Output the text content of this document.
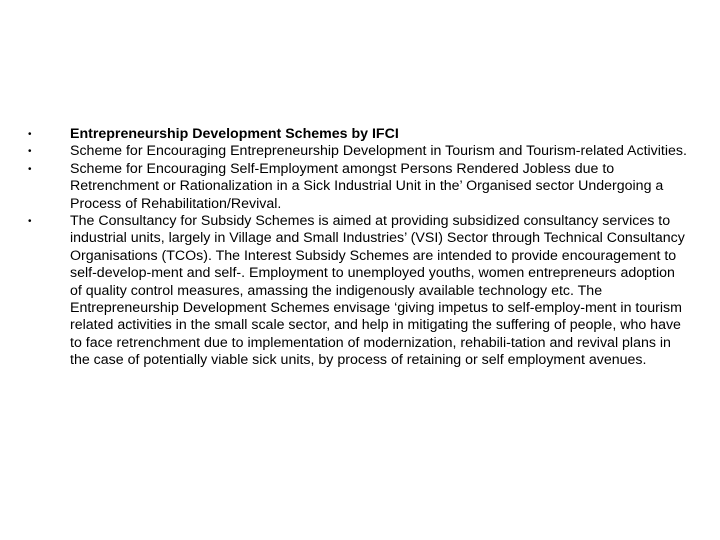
•	Entrepreneurship Development Schemes by IFCI
•	Scheme for Encouraging Entrepreneurship Development in Tourism and Tourism-related Activities.
•	Scheme for Encouraging Self-Employment amongst Persons Rendered Jobless due to Retrenchment or Rationalization in a Sick Industrial Unit in the’ Organised sector Undergoing a Process of Rehabilitation/Revival.
•	The Consultancy for Subsidy Schemes is aimed at providing subsidized consultancy services to industrial units, largely in Village and Small Industries’ (VSI) Sector through Technical Consultancy Organisations (TCOs). The Interest Subsidy Schemes are intended to provide encouragement to self-develop-ment and self-. Employment to unemployed youths, women entrepreneurs adoption of quality control measures, amassing the indigenously available technology etc. The Entrepreneurship Development Schemes envisage ‘giving impetus to self-employ-ment in tourism related activities in the small scale sector, and help in mitigating the suffering of people, who have to face retrenchment due to implementation of modernization, rehabili-tation and revival plans in the case of potentially viable sick units, by process of retaining or self employment avenues.
